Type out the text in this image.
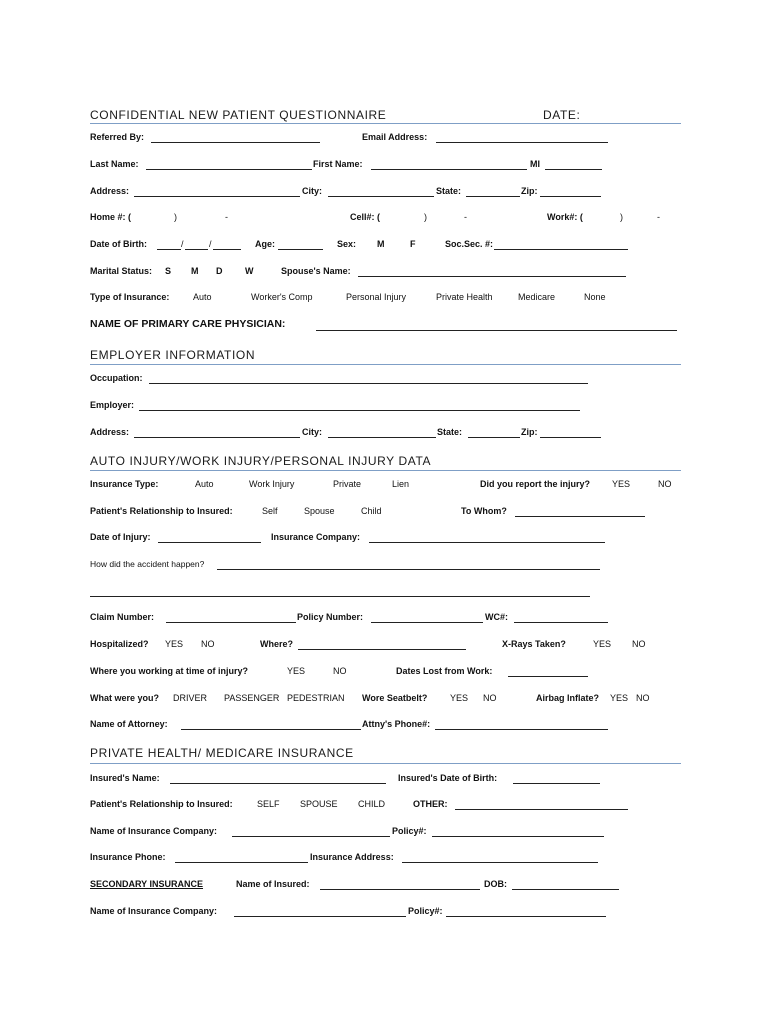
CONFIDENTIAL NEW PATIENT QUESTIONNAIRE	DATE:
Referred By:	Email Address:
Last Name:	First Name:	MI
Address:	City:	State:	Zip:
Home #: (	)	-	Cell#: (	)	-	Work#: (	)	-
Date of Birth:	/	/	Age:	Sex: M	F	Soc.Sec. #:
Marital Status: S M D	W	Spouse's Name:
Type of Insurance:	Auto	Worker's Comp	Personal Injury	Private Health	Medicare	None
NAME OF PRIMARY CARE PHYSICIAN:
EMPLOYER INFORMATION
Occupation:
Employer:
Address:	City:	State:	Zip:
AUTO INJURY/WORK INJURY/PERSONAL INJURY DATA
Insurance Type:	Auto	Work Injury	Private	Lien	Did you report the injury? YES	NO
Patient's Relationship to Insured:	Self	Spouse	Child	To Whom?
Date of Injury:	Insurance Company:
How did the accident happen?
Claim Number:	Policy Number:	WC#:
Hospitalized? YES NO	Where?	X-Rays Taken?	YES NO
Where you working at time of injury?	YES	NO	Dates Lost from Work:
What were you? DRIVER PASSENGER PEDESTRIAN Wore Seatbelt?	YES NO	Airbag Inflate? YES NO
Name of Attorney:	Attny's Phone#:
PRIVATE HEALTH/ MEDICARE INSURANCE
Insured's Name:	Insured's Date of Birth:
Patient's Relationship to Insured:	SELF SPOUSE CHILD	OTHER:
Name of Insurance Company:	Policy#:
Insurance Phone:	Insurance Address:
SECONDARY INSURANCE	Name of Insured:	DOB:
Name of Insurance Company:	Policy#:
